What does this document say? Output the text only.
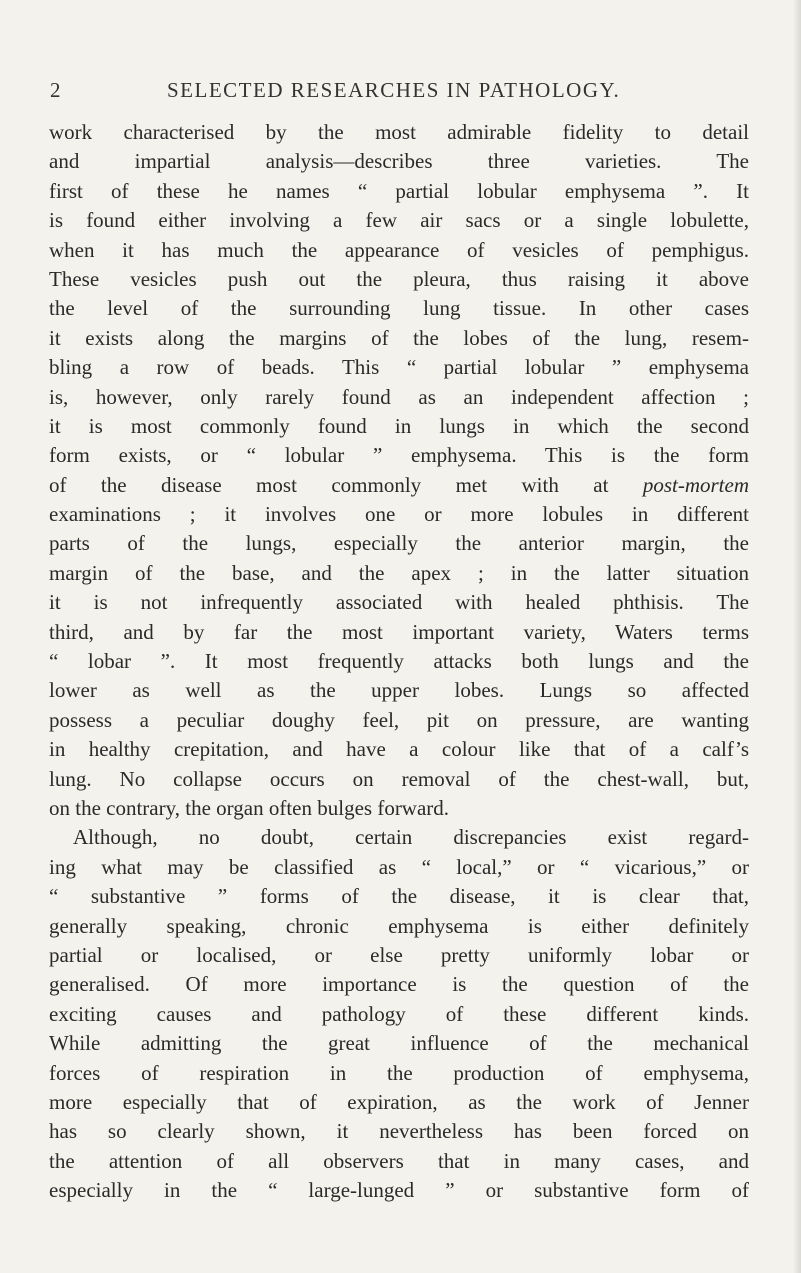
2	SELECTED RESEARCHES IN PATHOLOGY.
work characterised by the most admirable fidelity to detail
and impartial analysis—describes three varieties. The
first of these he names “ partial lobular emphysema ”. It
is found either involving a few air sacs or a single lobulette,
when it has much the appearance of vesicles of pemphigus.
These vesicles push out the pleura, thus raising it above
the level of the surrounding lung tissue. In other cases
it exists along the margins of the lobes of the lung, resem-
bling a row of beads. This “ partial lobular ” emphysema
is, however, only rarely found as an independent affection ;
it is most commonly found in lungs in which the second
form exists, or “ lobular ” emphysema. This is the form
of the disease most commonly met with at post-mortem
examinations ; it involves one or more lobules in different
parts of the lungs, especially the anterior margin, the
margin of the base, and the apex ; in the latter situation
it is not infrequently associated with healed phthisis. The
third, and by far the most important variety, Waters terms
“ lobar ”. It most frequently attacks both lungs and the
lower as well as the upper lobes. Lungs so affected
possess a peculiar doughy feel, pit on pressure, are wanting
in healthy crepitation, and have a colour like that of a calf’s
lung. No collapse occurs on removal of the chest-wall, but,
on the contrary, the organ often bulges forward.
Although, no doubt, certain discrepancies exist regard-
ing what may be classified as “ local,” or “ vicarious,” or
“ substantive ” forms of the disease, it is clear that,
generally speaking, chronic emphysema is either definitely
partial or localised, or else pretty uniformly lobar or
generalised. Of more importance is the question of the
exciting causes and pathology of these different kinds.
While admitting the great influence of the mechanical
forces of respiration in the production of emphysema,
more especially that of expiration, as the work of Jenner
has so clearly shown, it nevertheless has been forced on
the attention of all observers that in many cases, and
especially in the “ large-lunged ” or substantive form of
